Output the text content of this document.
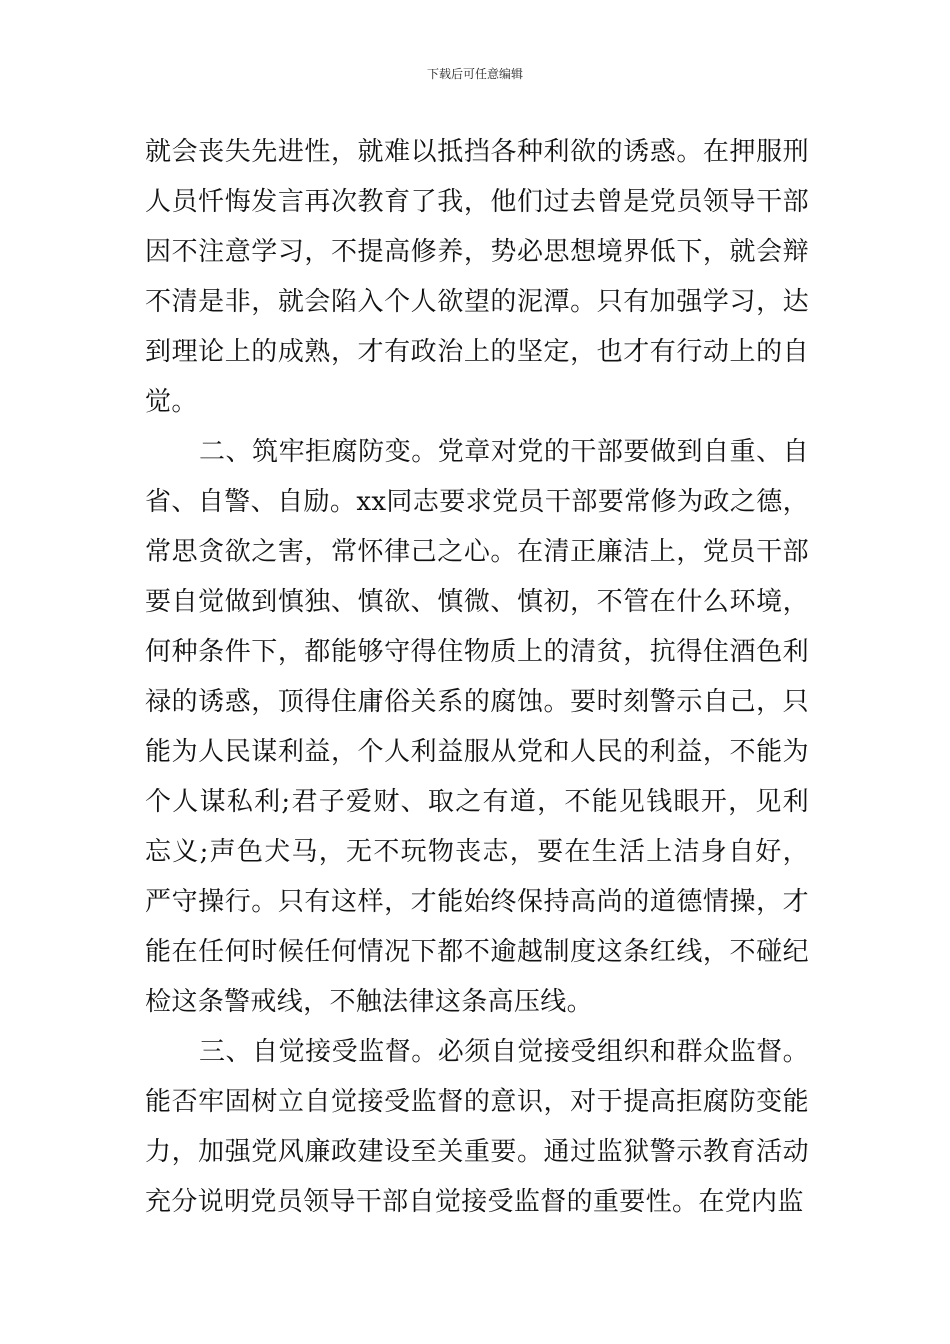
下载后可任意编辑

就会丧失先进性，就难以抵挡各种利欲的诱惑。在押服刑人员忏悔发言再次教育了我，他们过去曾是党员领导干部因不注意学习，不提高修养，势必思想境界低下，就会辩不清是非，就会陷入个人欲望的泥潭。只有加强学习，达到理论上的成熟，才有政治上的坚定，也才有行动上的自觉。

二、筑牢拒腐防变。党章对党的干部要做到自重、自省、自警、自励。xx同志要求党员干部要常修为政之德，常思贪欲之害，常怀律己之心。在清正廉洁上，党员干部要自觉做到慎独、慎欲、慎微、慎初，不管在什么环境，何种条件下，都能够守得住物质上的清贫，抗得住酒色利禄的诱惑，顶得住庸俗关系的腐蚀。要时刻警示自己，只能为人民谋利益，个人利益服从党和人民的利益，不能为个人谋私利;君子爱财、取之有道，不能见钱眼开，见利忘义;声色犬马，无不玩物丧志，要在生活上洁身自好，严守操行。只有这样，才能始终保持高尚的道德情操，才能在任何时候任何情况下都不逾越制度这条红线，不碰纪检这条警戒线，不触法律这条高压线。

三、自觉接受监督。必须自觉接受组织和群众监督。能否牢固树立自觉接受监督的意识，对于提高拒腐防变能力，加强党风廉政建设至关重要。通过监狱警示教育活动充分说明党员领导干部自觉接受监督的重要性。在党内监
